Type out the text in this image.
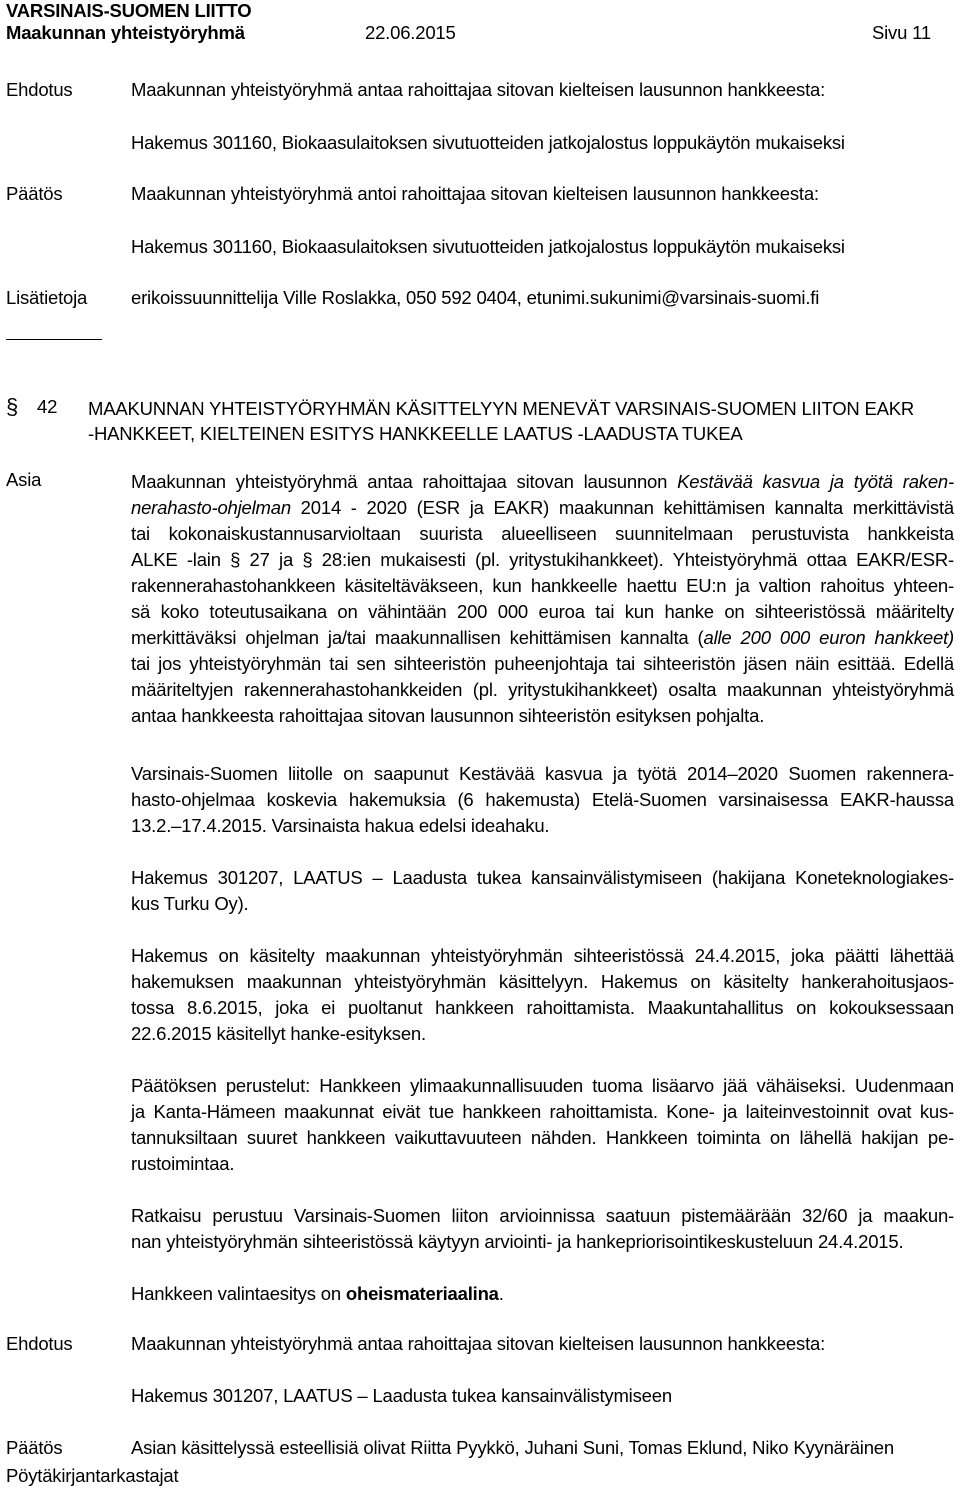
VARSINAIS-SUOMEN LIITTO
Maakunnan yhteistyöryhmä	22.06.2015	Sivu 11
Ehdotus	Maakunnan yhteistyöryhmä antaa rahoittajaa sitovan kielteisen lausunnon hankkeesta:
Hakemus 301160, Biokaasulaitoksen sivutuotteiden jatkojalostus loppukäytön mukaiseksi
Päätös	Maakunnan yhteistyöryhmä antoi rahoittajaa sitovan kielteisen lausunnon hankkeesta:
Hakemus 301160, Biokaasulaitoksen sivutuotteiden jatkojalostus loppukäytön mukaiseksi
Lisätietoja erikoissuunnittelija Ville Roslakka, 050 592 0404, etunimi.sukunimi@varsinais-suomi.fi
§ 42 MAAKUNNAN YHTEISTYÖRYHMÄN KÄSITTELYYN MENEVÄT VARSINAIS-SUOMEN LIITON EAKR
-HANKKEET, KIELTEINEN ESITYS HANKKEELLE LAATUS -LAADUSTA TUKEA
Asia	Maakunnan yhteistyöryhmä antaa rahoittajaa sitovan lausunnon Kestävää kasvua ja työtä raken-
nerahasto-ohjelman 2014 - 2020 (ESR ja EAKR) maakunnan kehittämisen kannalta merkittävistä
tai kokonaiskustannusarvioltaan suurista alueelliseen suunnitelmaan perustuvista hankkeista
ALKE -lain § 27 ja § 28:ien mukaisesti (pl. yritystukihankkeet). Yhteistyöryhmä ottaa EAKR/ESR-
rakennerahastohankkeen käsiteltäväkseen, kun hankkeelle haettu EU:n ja valtion rahoitus yhteen-
sä koko toteutusaikana on vähintään 200 000 euroa tai kun hanke on sihteeristössä määritelty
merkittäväksi ohjelman ja/tai maakunnallisen kehittämisen kannalta (alle 200 000 euron hankkeet)
tai jos yhteistyöryhmän tai sen sihteeristön puheenjohtaja tai sihteeristön jäsen näin esittää. Edellä
määriteltyjen rakennerahastohankkeiden (pl. yritystukihankkeet) osalta maakunnan yhteistyöryhmä
antaa hankkeesta rahoittajaa sitovan lausunnon sihteeristön esityksen pohjalta.
Varsinais-Suomen liitolle on saapunut Kestävää kasvua ja työtä 2014–2020 Suomen rakennera-
hasto-ohjelmaa koskevia hakemuksia (6 hakemusta) Etelä-Suomen varsinaisessa EAKR-haussa
13.2.–17.4.2015. Varsinaista hakua edelsi ideahaku.
Hakemus 301207, LAATUS – Laadusta tukea kansainvälistymiseen (hakijana Koneteknologiakes-
kus Turku Oy).
Hakemus on käsitelty maakunnan yhteistyöryhmän sihteeristössä 24.4.2015, joka päätti lähettää
hakemuksen maakunnan yhteistyöryhmän käsittelyyn. Hakemus on käsitelty hankerahoitusjaos-
tossa 8.6.2015, joka ei puoltanut hankkeen rahoittamista. Maakuntahallitus on kokouksessaan
22.6.2015 käsitellyt hanke-esityksen.
Päätöksen perustelut: Hankkeen ylimaakunnallisuuden tuoma lisäarvo jää vähäiseksi. Uudenmaan
ja Kanta-Hämeen maakunnat eivät tue hankkeen rahoittamista. Kone- ja laiteinvestoinnit ovat kus-
tannuksiltaan suuret hankkeen vaikuttavuuteen nähden. Hankkeen toiminta on lähellä hakijan pe-
rustoimintaa.
Ratkaisu perustuu Varsinais-Suomen liiton arvioinnissa saatuun pistemäärään 32/60 ja maakun-
nan yhteistyöryhmän sihteeristössä käytyyn arviointi- ja hankepriorisointikeskusteluun 24.4.2015.
Hankkeen valintaesitys on oheismateriaalina.
Ehdotus	Maakunnan yhteistyöryhmä antaa rahoittajaa sitovan kielteisen lausunnon hankkeesta:
Hakemus 301207, LAATUS – Laadusta tukea kansainvälistymiseen
Päätös	Asian käsittelyssä esteellisiä olivat Riitta Pyykkö, Juhani Suni, Tomas Eklund, Niko Kyynäräinen
Pöytäkirjantarkastajat
